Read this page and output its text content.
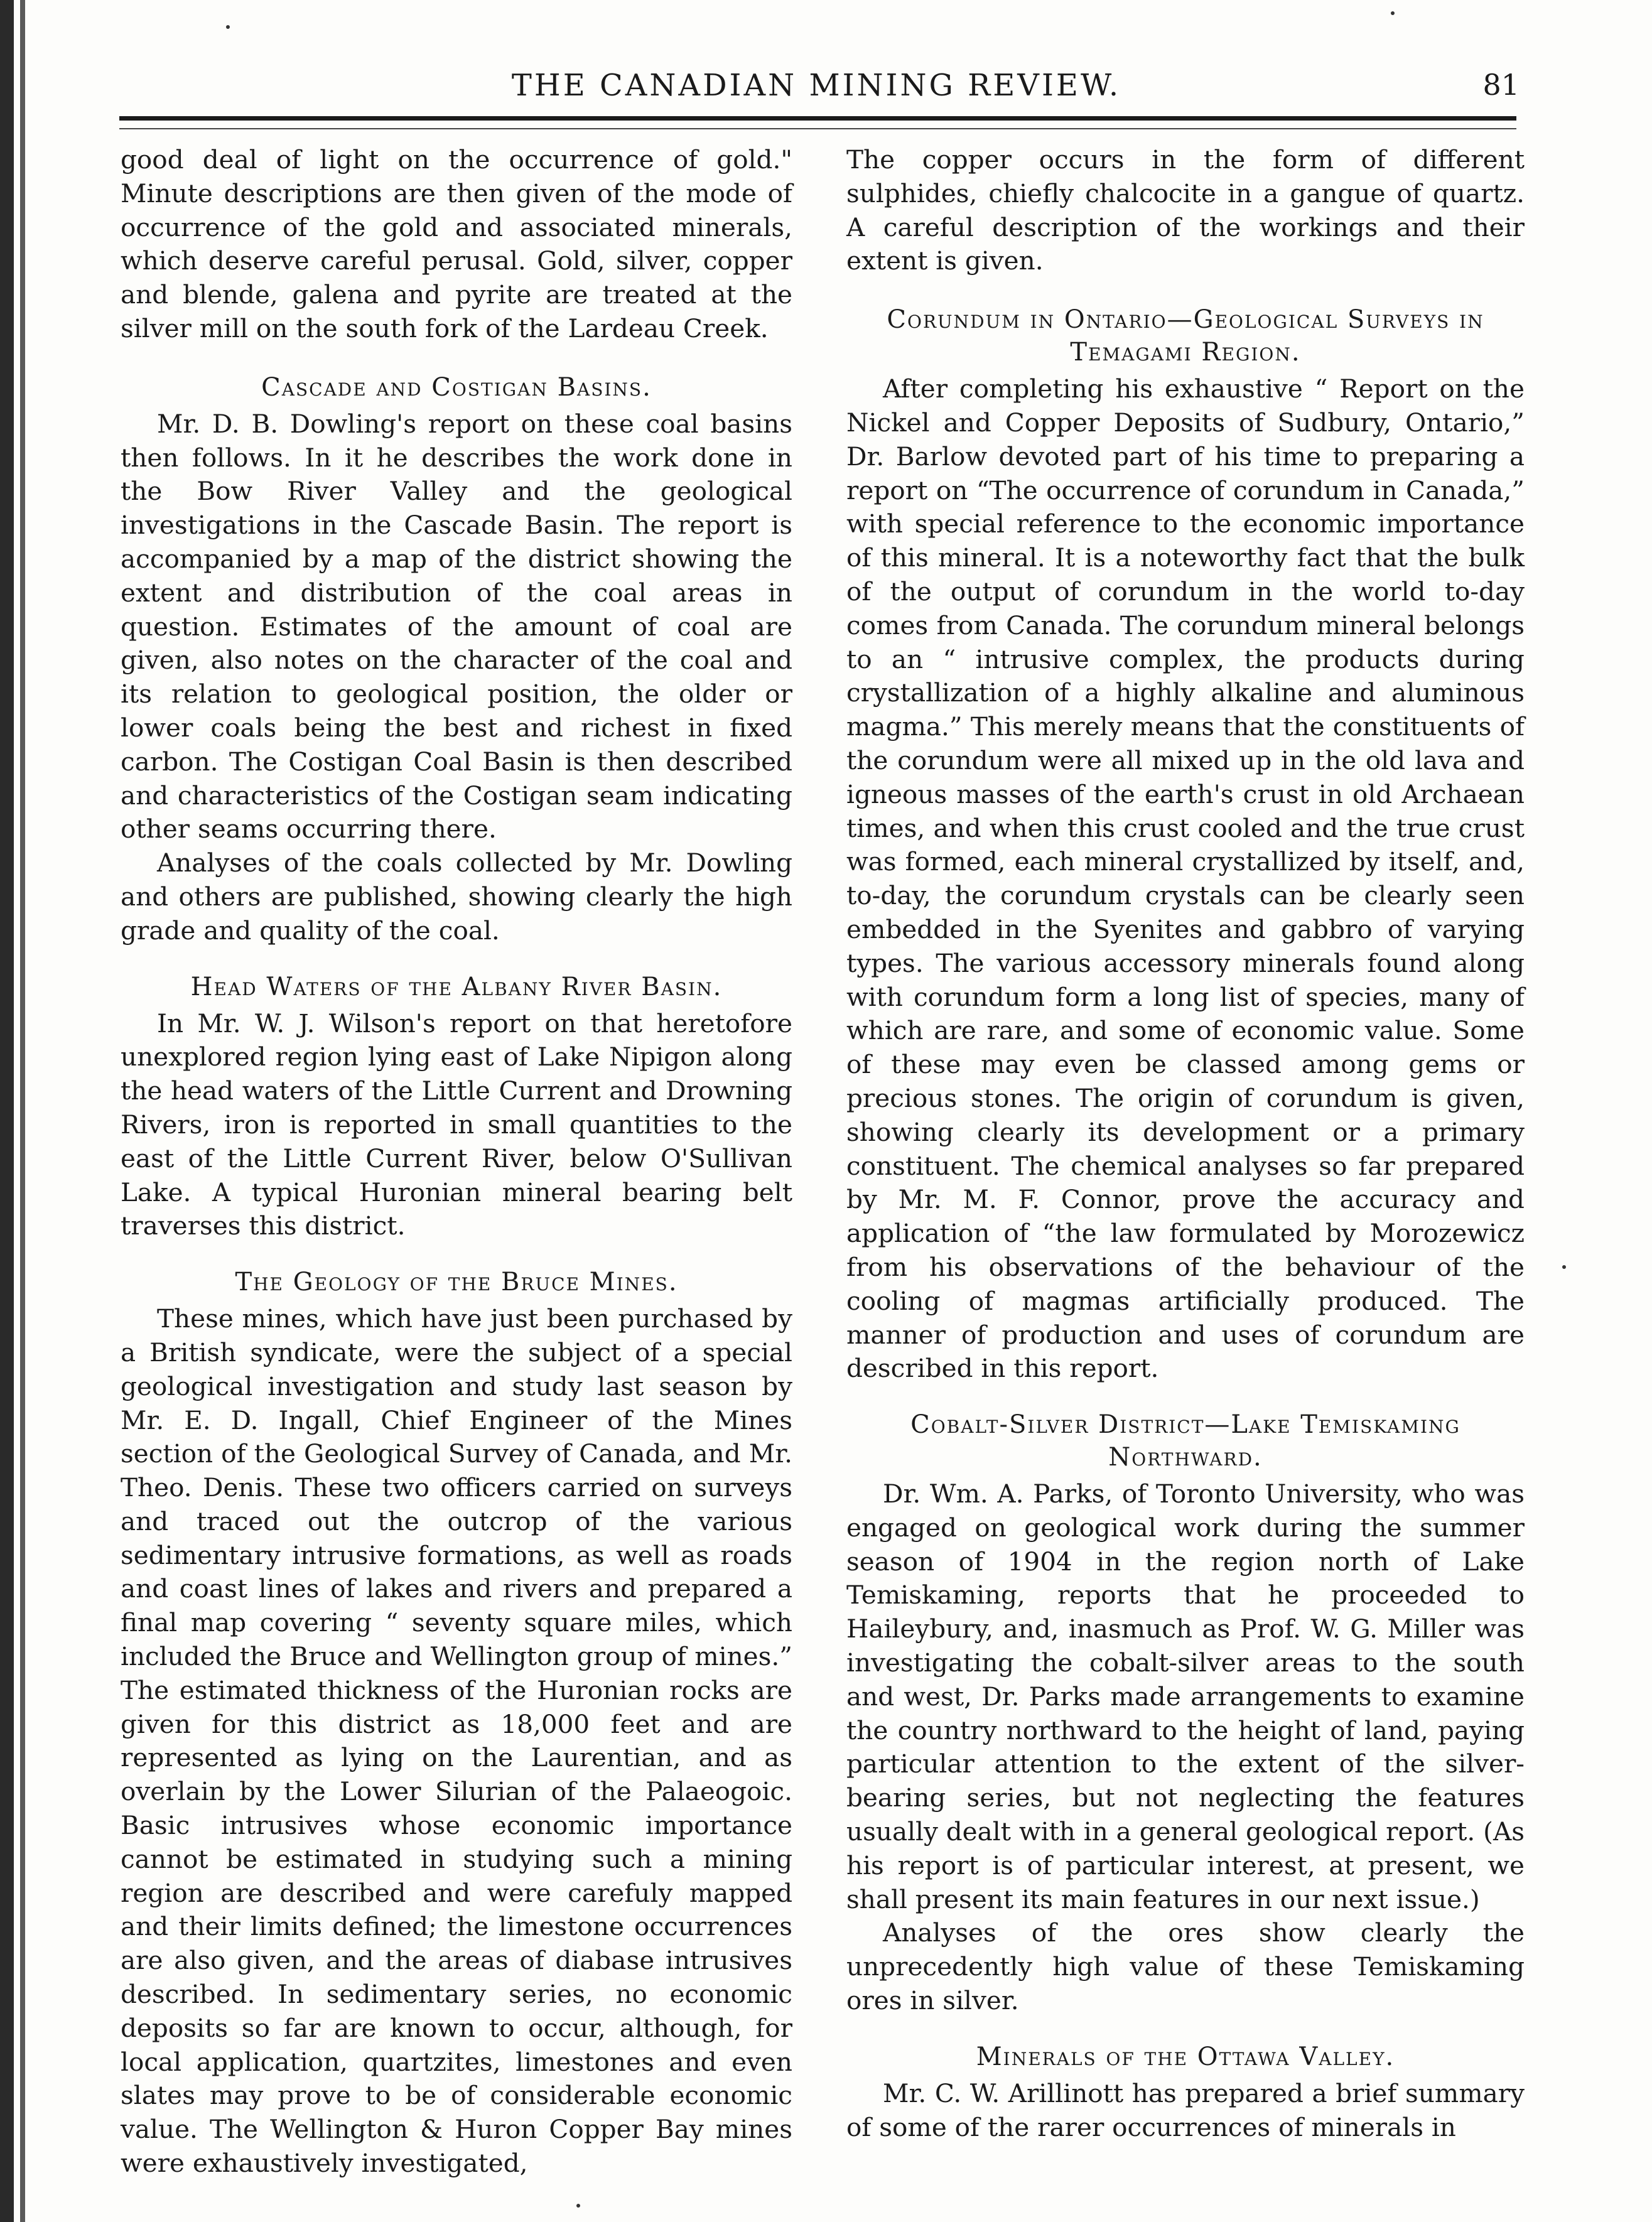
THE CANADIAN MINING REVIEW.	81

good deal of light on the occurrence of gold." Minute descriptions are then given of the mode of occurrence of the gold and associated minerals, which deserve careful perusal. Gold, silver, copper and blende, galena and pyrite are treated at the silver mill on the south fork of the Lardeau Creek.

Cascade and Costigan Basins.

Mr. D. B. Dowling's report on these coal basins then follows. In it he describes the work done in the Bow River Valley and the geological investigations in the Cascade Basin. The report is accompanied by a map of the district showing the extent and distribution of the coal areas in question. Estimates of the amount of coal are given, also notes on the character of the coal and its relation to geological position, the older or lower coals being the best and richest in fixed carbon. The Costigan Coal Basin is then described and characteristics of the Costigan seam indicating other seams occurring there.

Analyses of the coals collected by Mr. Dowling and others are published, showing clearly the high grade and quality of the coal.

Head Waters of the Albany River Basin.

In Mr. W. J. Wilson's report on that heretofore unexplored region lying east of Lake Nipigon along the head waters of the Little Current and Drowning Rivers, iron is reported in small quantities to the east of the Little Current River, below O'Sullivan Lake. A typical Huronian mineral bearing belt traverses this district.

The Geology of the Bruce Mines.

These mines, which have just been purchased by a British syndicate, were the subject of a special geological investigation and study last season by Mr. E. D. Ingall, Chief Engineer of the Mines section of the Geological Survey of Canada, and Mr. Theo. Denis. These two officers carried on surveys and traced out the outcrop of the various sedimentary intrusive formations, as well as roads and coast lines of lakes and rivers and prepared a final map covering “ seventy square miles, which included the Bruce and Wellington group of mines.” The estimated thickness of the Huronian rocks are given for this district as 18,000 feet and are represented as lying on the Laurentian, and as overlain by the Lower Silurian of the Palaeogoic. Basic intrusives whose economic importance cannot be estimated in studying such a mining region are described and were carefuly mapped and their limits defined; the limestone occurrences are also given, and the areas of diabase intrusives described. In sedimentary series, no economic deposits so far are known to occur, although, for local application, quartzites, limestones and even slates may prove to be of considerable economic value. The Wellington & Huron Copper Bay mines were exhaustively investigated,

The copper occurs in the form of different sulphides, chiefly chalcocite in a gangue of quartz. A careful description of the workings and their extent is given.

Corundum in Ontario—Geological Surveys in Temagami Region.

After completing his exhaustive “ Report on the Nickel and Copper Deposits of Sudbury, Ontario,” Dr. Barlow devoted part of his time to preparing a report on “The occurrence of corundum in Canada,” with special reference to the economic importance of this mineral. It is a noteworthy fact that the bulk of the output of corundum in the world to-day comes from Canada. The corundum mineral belongs to an “ intrusive complex, the products during crystallization of a highly alkaline and aluminous magma.” This merely means that the constituents of the corundum were all mixed up in the old lava and igneous masses of the earth's crust in old Archaean times, and when this crust cooled and the true crust was formed, each mineral crystallized by itself, and, to-day, the corundum crystals can be clearly seen embedded in the Syenites and gabbro of varying types. The various accessory minerals found along with corundum form a long list of species, many of which are rare, and some of economic value. Some of these may even be classed among gems or precious stones. The origin of corundum is given, showing clearly its development or a primary constituent. The chemical analyses so far prepared by Mr. M. F. Connor, prove the accuracy and application of “the law formulated by Morozewicz from his observations of the behaviour of the cooling of magmas artificially produced. The manner of production and uses of corundum are described in this report.

Cobalt-Silver District—Lake Temiskaming Northward.

Dr. Wm. A. Parks, of Toronto University, who was engaged on geological work during the summer season of 1904 in the region north of Lake Temiskaming, reports that he proceeded to Haileybury, and, inasmuch as Prof. W. G. Miller was investigating the cobalt-silver areas to the south and west, Dr. Parks made arrangements to examine the country northward to the height of land, paying particular attention to the extent of the silver-bearing series, but not neglecting the features usually dealt with in a general geological report. (As his report is of particular interest, at present, we shall present its main features in our next issue.)

Analyses of the ores show clearly the unprecedently high value of these Temiskaming ores in silver.

Minerals of the Ottawa Valley.

Mr. C. W. Arillinott has prepared a brief summary of some of the rarer occurrences of minerals in
